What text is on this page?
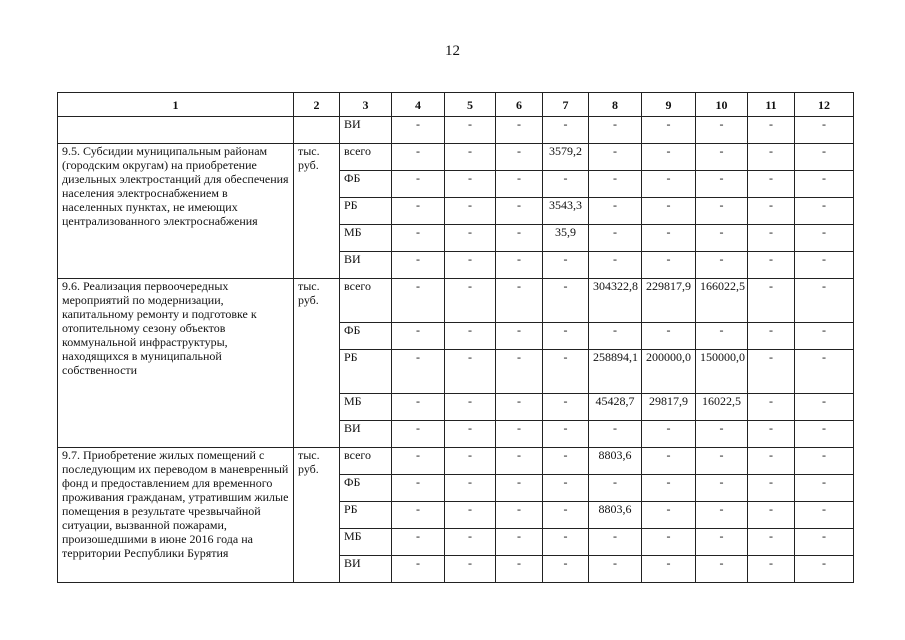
12
1	2	3	4	5	6	7	8	9	10	11	12
		ВИ	-	-	-	-	-	-	-	-	-
9.5. Субсидии муниципальным районам (городским округам) на приобретение дизельных электростанций для обеспечения населения электроснабжением в населенных пунктах, не имеющих централизованного электроснабжения	тыс. руб.	всего	-	-	-	3579,2	-	-	-	-	-
		ФБ	-	-	-	-	-	-	-	-	-
		РБ	-	-	-	3543,3	-	-	-	-	-
		МБ	-	-	-	35,9	-	-	-	-	-
		ВИ	-	-	-	-	-	-	-	-	-
9.6. Реализация первоочередных мероприятий по модернизации, капитальному ремонту и подготовке к отопительному сезону объектов коммунальной инфраструктуры, находящихся в муниципальной собственности	тыс. руб.	всего	-	-	-	-	304322,8	229817,9	166022,5	-	-
		ФБ	-	-	-	-	-	-	-	-	-
		РБ	-	-	-	-	258894,1	200000,0	150000,0	-	-
		МБ	-	-	-	-	45428,7	29817,9	16022,5	-	-
		ВИ	-	-	-	-	-	-	-	-	-
9.7. Приобретение жилых помещений с последующим их переводом в маневренный фонд и предоставлением для временного проживания гражданам, утратившим жилые помещения в результате чрезвычайной ситуации, вызванной пожарами, произошедшими в июне 2016 года на территории Республики Бурятия	тыс. руб.	всего	-	-	-	-	8803,6	-	-	-	-
		ФБ	-	-	-	-	-	-	-	-	-
		РБ	-	-	-	-	8803,6	-	-	-	-
		МБ	-	-	-	-	-	-	-	-	-
		ВИ	-	-	-	-	-	-	-	-	-
